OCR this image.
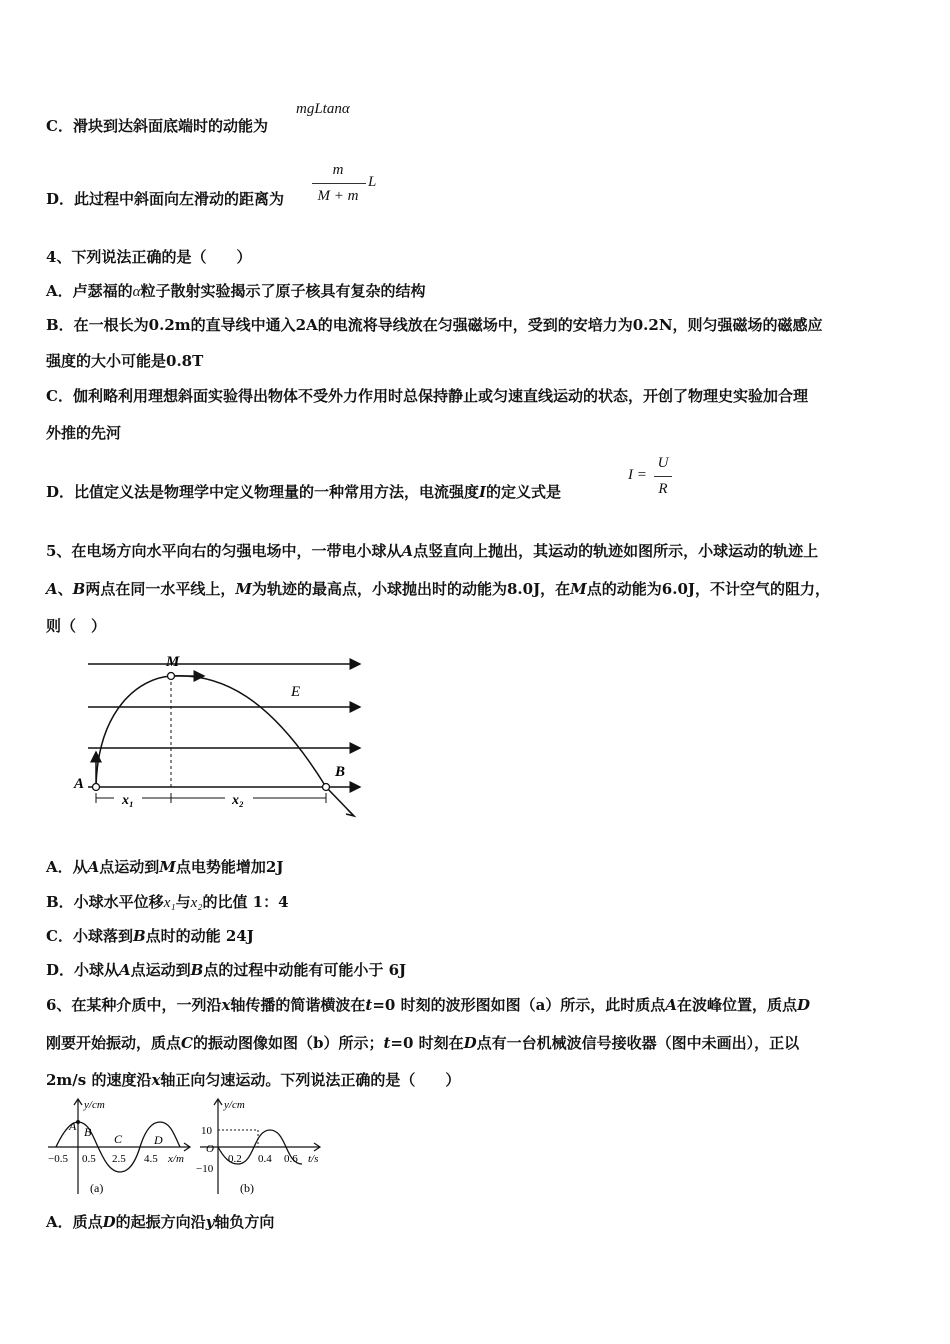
C．滑块到达斜面底端时的动能为
mgLtanα
D．此过程中斜面向左滑动的距离为
m
M + m
L
4、下列说法正确的是（　　）
A．卢瑟福的α粒子散射实验揭示了原子核具有复杂的结构
B．在一根长为0.2m的直导线中通入2A的电流将导线放在匀强磁场中，受到的安培力为0.2N，则匀强磁场的磁感应
强度的大小可能是0.8T
C．伽利略利用理想斜面实验得出物体不受外力作用时总保持静止或匀速直线运动的状态，开创了物理史实验加合理
外推的先河
D．比值定义法是物理学中定义物理量的一种常用方法，电流强度I的定义式是
I =
U
R
5、在电场方向水平向右的匀强电场中，一带电小球从A点竖直向上抛出，其运动的轨迹如图所示，小球运动的轨迹上
A、B两点在同一水平线上，M为轨迹的最高点，小球抛出时的动能为8.0J，在M点的动能为6.0J，不计空气的阻力，
则（　）
M
E
A
B
x₁	x₂
A．从A点运动到M点电势能增加2J
B．小球水平位移x₁与x₂的比值 1：4
C．小球落到B点时的动能 24J
D．小球从A点运动到B点的过程中动能有可能小于 6J
6、在某种介质中，一列沿x轴传播的简谐横波在t=0 时刻的波形图如图（a）所示，此时质点A在波峰位置，质点D
刚要开始振动，质点C的振动图像如图（b）所示；t=0 时刻在D点有一台机械波信号接收器（图中未画出），正以
2m/s 的速度沿x轴正向匀速运动。下列说法正确的是（　　）
y/cm
x/m
A B C	D
−0.5 0.5 2.5 4.5
(a)
y/cm
t/s
O
10
−10
0.2 0.4 0.6
(b)
A．质点D的起振方向沿y轴负方向
